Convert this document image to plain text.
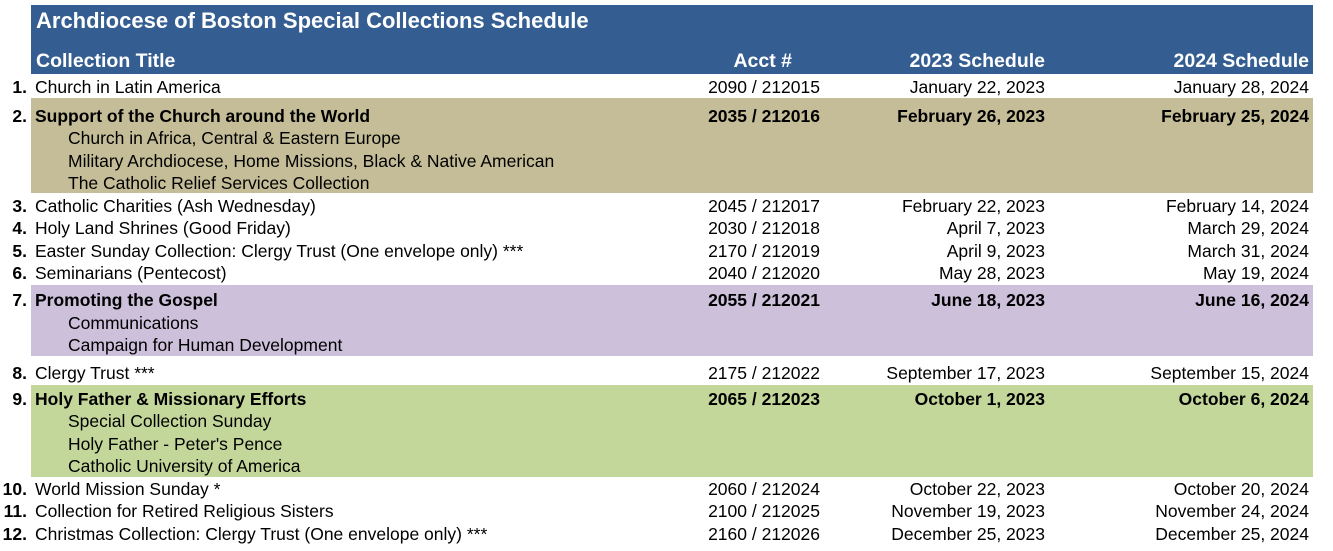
Archdiocese of Boston Special Collections Schedule
Collection Title	Acct #	2023 Schedule	2024 Schedule
1. Church in Latin America	2090 / 212015	January 22, 2023	January 28, 2024
2. Support of the Church around the World	2035 / 212016	February 26, 2023	February 25, 2024
Church in Africa, Central & Eastern Europe
Military Archdiocese, Home Missions, Black & Native American
The Catholic Relief Services Collection
3. Catholic Charities (Ash Wednesday)	2045 / 212017	February 22, 2023	February 14, 2024
4. Holy Land Shrines (Good Friday)	2030 / 212018	April 7, 2023	March 29, 2024
5. Easter Sunday Collection: Clergy Trust (One envelope only) ***	2170 / 212019	April 9, 2023	March 31, 2024
6. Seminarians (Pentecost)	2040 / 212020	May 28, 2023	May 19, 2024
7. Promoting the Gospel	2055 / 212021	June 18, 2023	June 16, 2024
Communications
Campaign for Human Development
8. Clergy Trust ***	2175 / 212022	September 17, 2023	September 15, 2024
9. Holy Father & Missionary Efforts	2065 / 212023	October 1, 2023	October 6, 2024
Special Collection Sunday
Holy Father - Peter's Pence
Catholic University of America
10. World Mission Sunday *	2060 / 212024	October 22, 2023	October 20, 2024
11. Collection for Retired Religious Sisters	2100 / 212025	November 19, 2023	November 24, 2024
12. Christmas Collection: Clergy Trust (One envelope only) ***	2160 / 212026	December 25, 2023	December 25, 2024
